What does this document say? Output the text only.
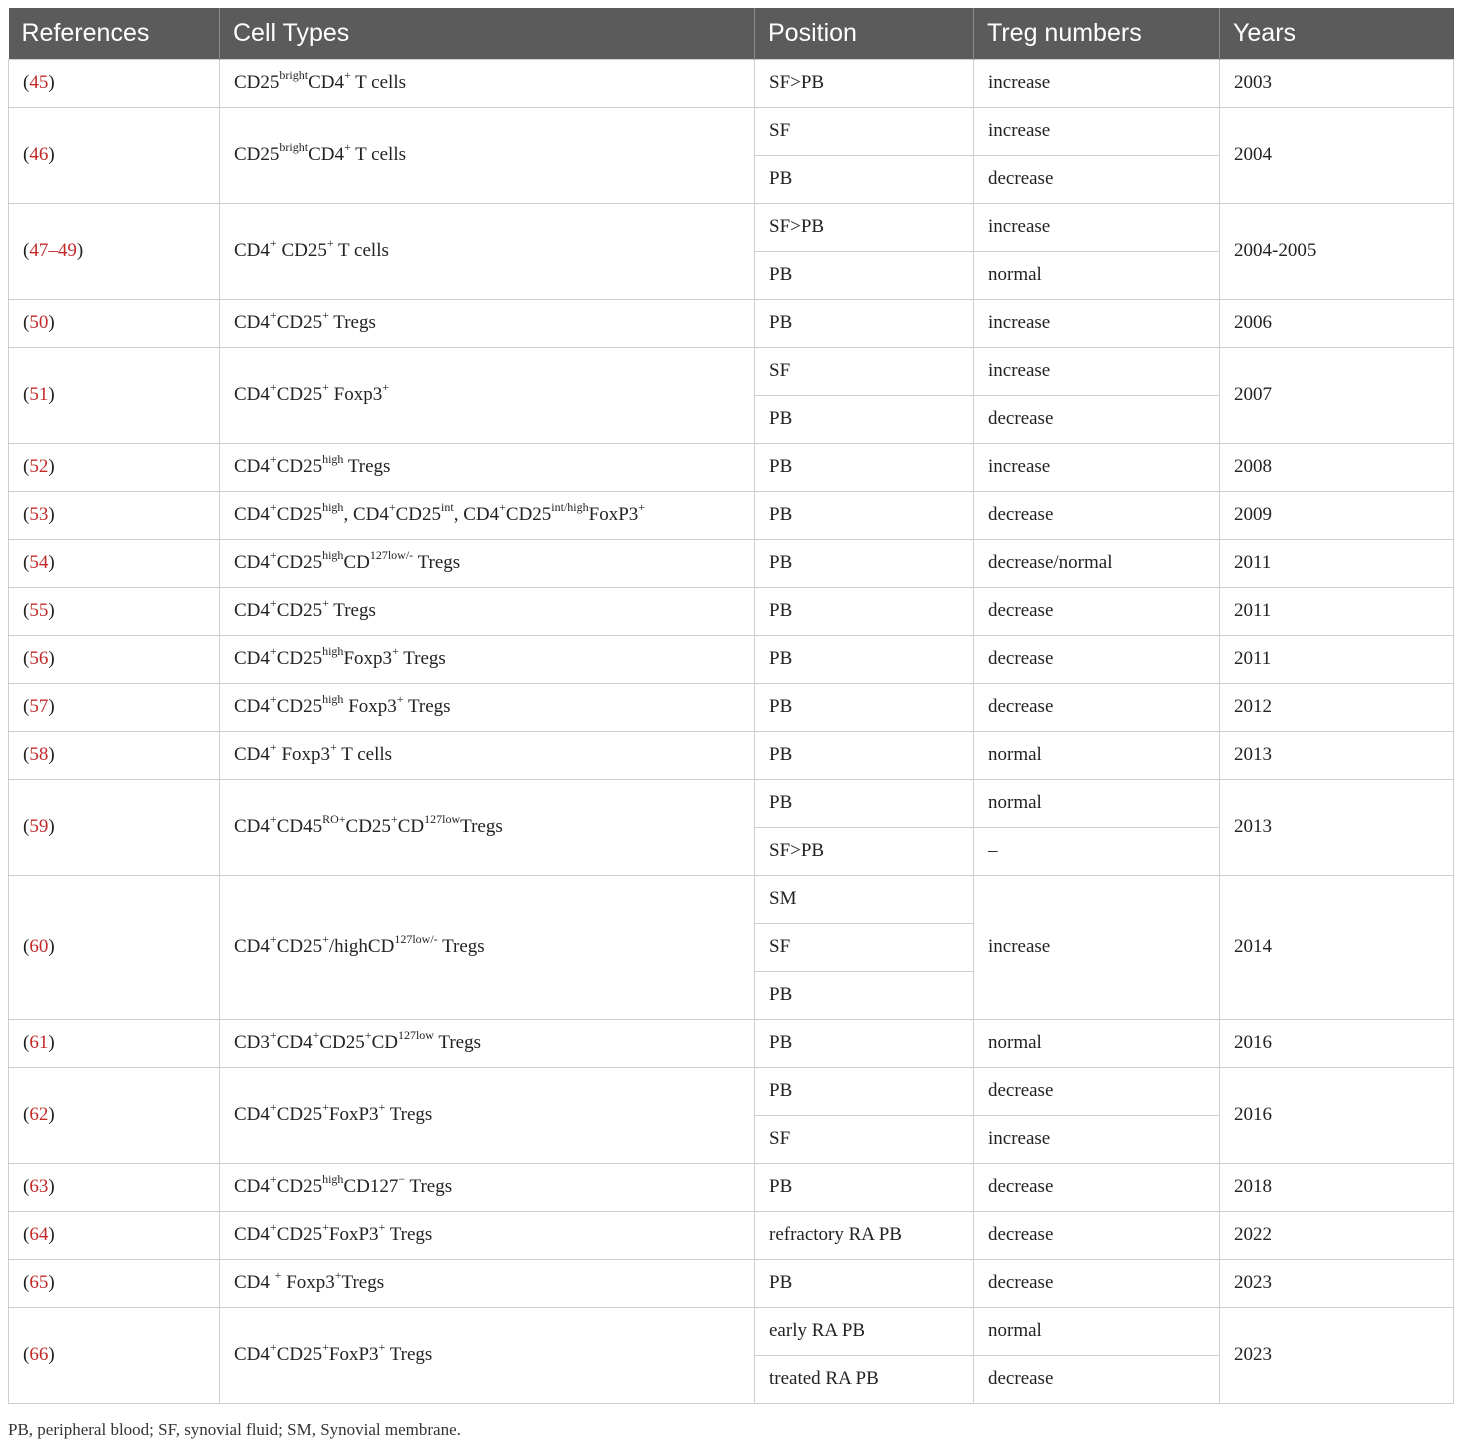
References	Cell Types	Position	Treg numbers	Years
(45)	$CD25^{bright}CD4^+$ T cells	SF>PB	increase	2003
(46)	$CD25^{bright}CD4^+$ T cells	SF	increase	2004
		PB	decrease	
(47–49)	CD4+ CD25+ T cells	SF>PB	increase	2004-2005
		PB	normal	
(50)	CD4+CD25+ Tregs	PB	increase	2006
(51)	CD4+CD25+ Foxp3+	SF	increase	2007
		PB	decrease	
(52)	$CD4^+CD25^{high}$ Tregs	PB	increase	2008
(53)	$CD4^+CD25^{high}$, $CD4^+CD25^{int}$, $CD4^+CD25^{int/high}FoxP3^+$	PB	decrease	2009
(54)	$CD4^+CD25^{high}CD^{127low/-}$ Tregs	PB	decrease/normal	2011
(55)	CD4+CD25+ Tregs	PB	decrease	2011
(56)	$CD4^+CD25^{high}Foxp3^+$ Tregs	PB	decrease	2011
(57)	$CD4^+CD25^{high}$ Foxp3+ Tregs	PB	decrease	2012
(58)	CD4+ Foxp3+ T cells	PB	normal	2013
(59)	$CD4^+CD45^{RO+}CD25^+CD^{127low}Tregs$	PB	normal	2013
		SF>PB	–	
(60)	CD4+CD25+/highCD$^{127low/-}$ Tregs	SM	increase	2014
		SF		
		PB		
(61)	$CD3^+CD4^+CD25^+CD^{127low}$ Tregs	PB	normal	2016
(62)	CD4+CD25+FoxP3+ Tregs	PB	decrease	2016
		SF	increase	
(63)	$CD4^+CD25^{high}CD127^-$ Tregs	PB	decrease	2018
(64)	CD4+CD25+FoxP3+ Tregs	refractory RA PB	decrease	2022
(65)	CD4 + Foxp3+Tregs	PB	decrease	2023
(66)	CD4+CD25+FoxP3+ Tregs	early RA PB	normal	2023
		treated RA PB	decrease	
PB, peripheral blood; SF, synovial fluid; SM, Synovial membrane.
